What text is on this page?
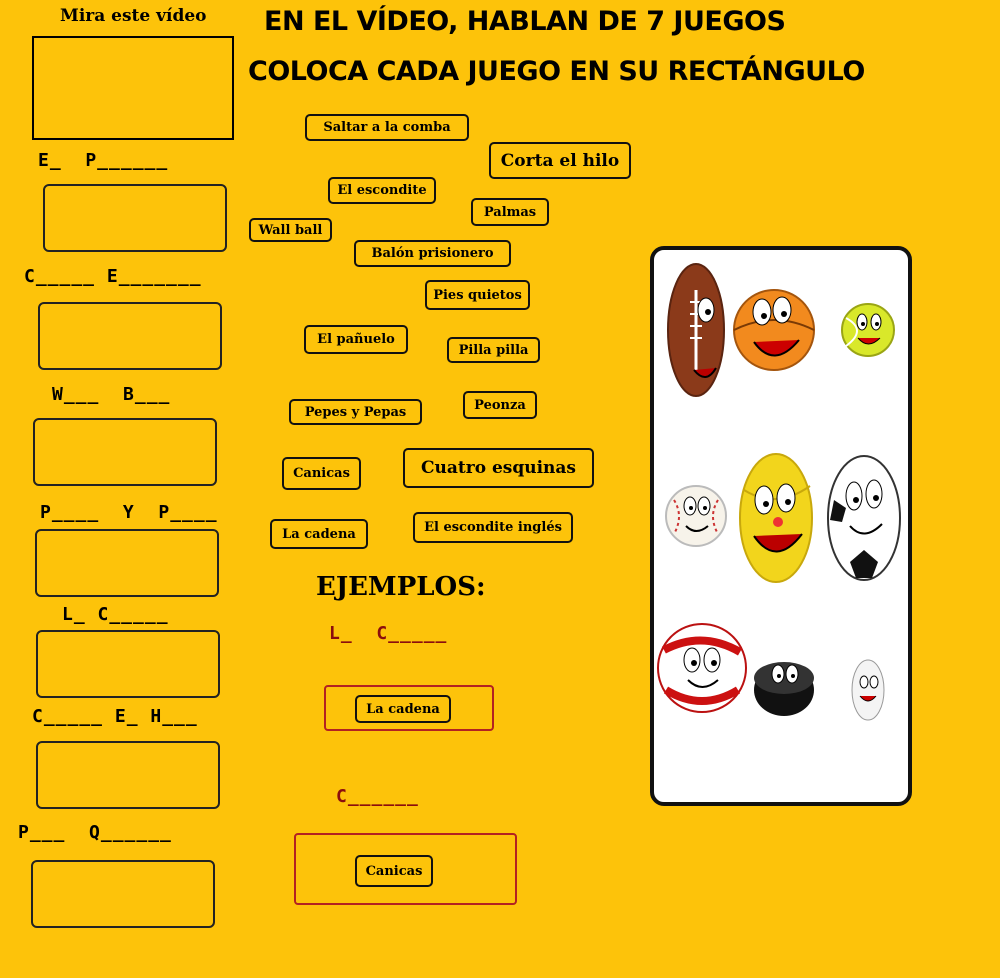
Mira este vídeo EN EL VÍDEO, HABLAN DE 7 JUEGOS
COLOCA CADA JUEGO EN SU RECTÁNGULO
E_  P______
C_____ E_______
W___  B___
P____  Y  P____
L_ C_____
C_____ E_ H___
P___  Q______
Saltar a la comba
Corta el hilo
El escondite
Palmas
Wall ball
Balón prisionero
Pies quietos
El pañuelo
Pilla pilla
Peonza
Pepes y Pepas
Canicas	Cuatro esquinas
La cadena	El escondite inglés
EJEMPLOS:
L_  C_____
La cadena
C______
Canicas
